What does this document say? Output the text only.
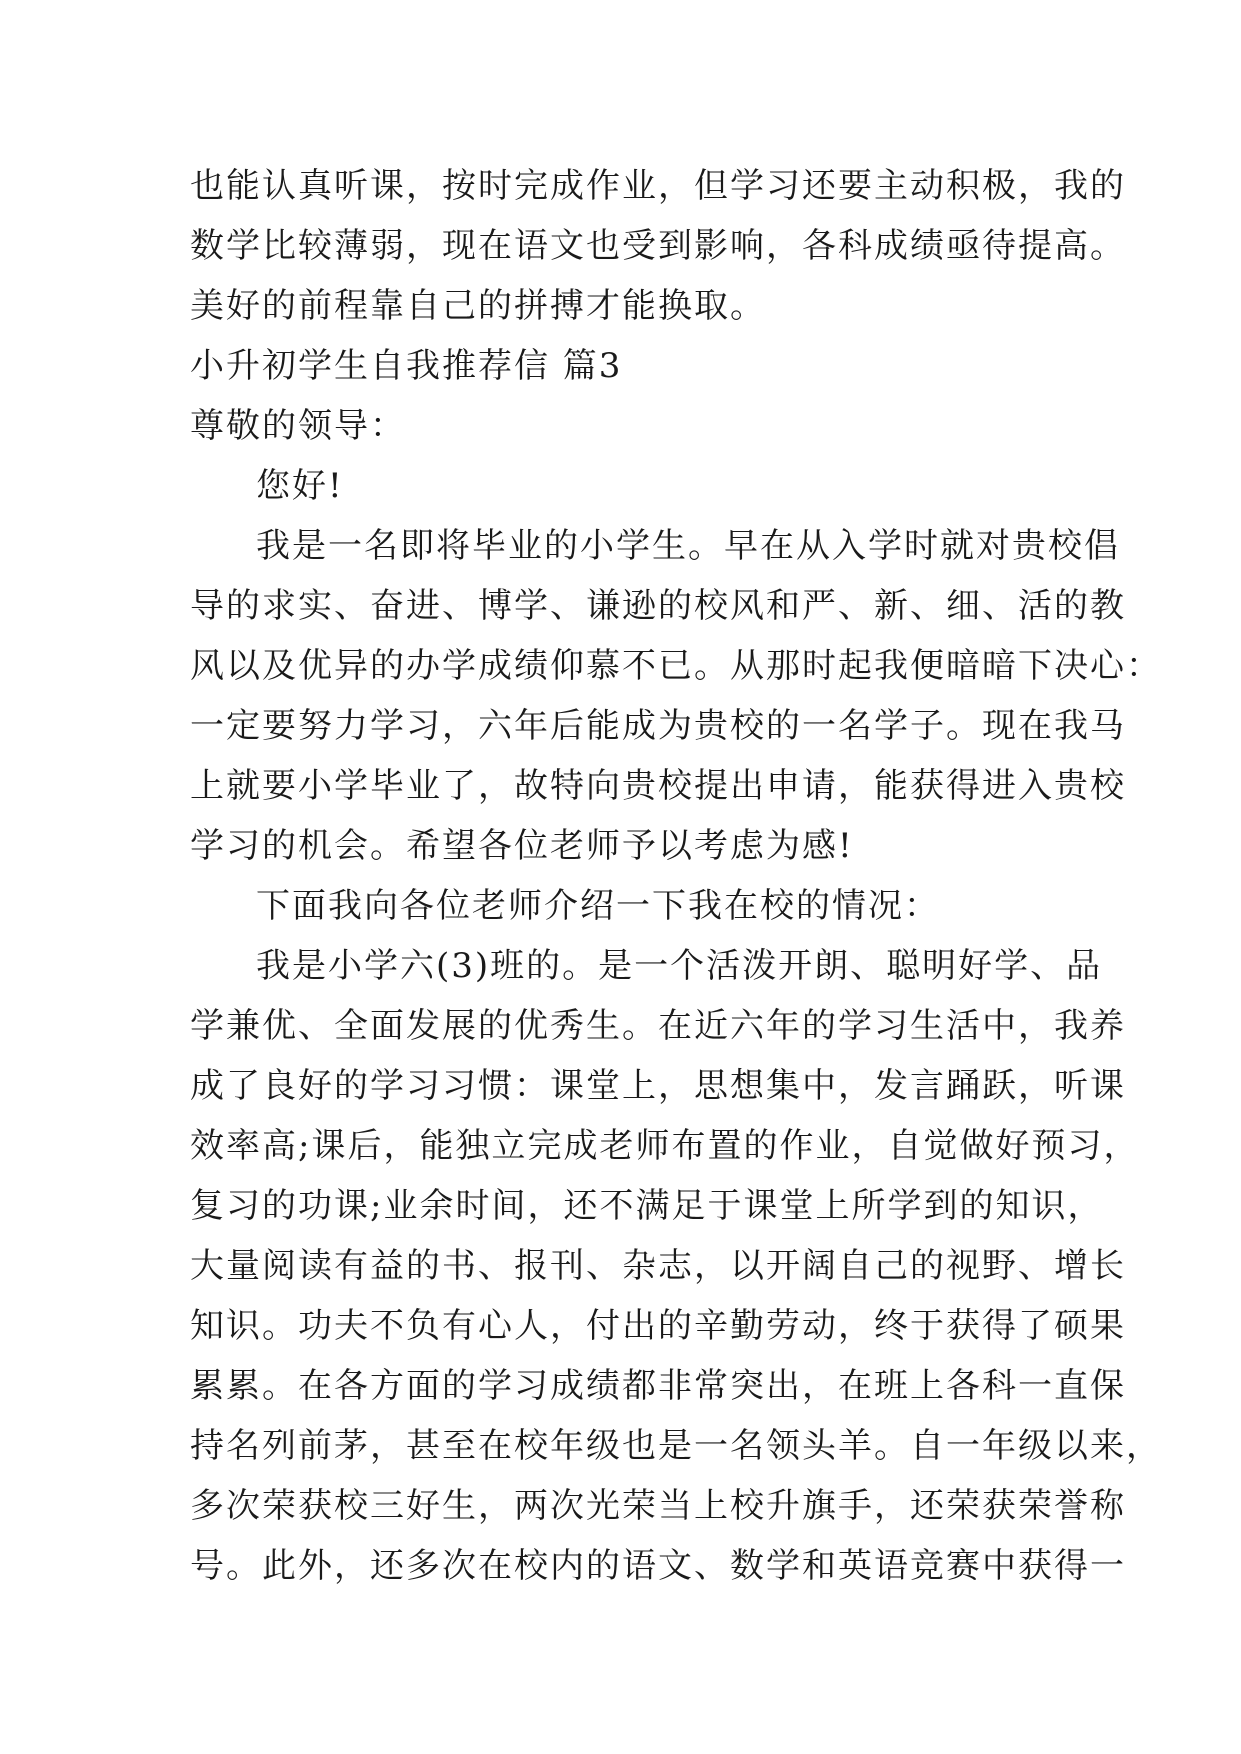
也能认真听课，按时完成作业，但学习还要主动积极，我的
数学比较薄弱，现在语文也受到影响，各科成绩亟待提高。
美好的前程靠自己的拼搏才能换取。
小升初学生自我推荐信 篇3
尊敬的领导：
您好!
我是一名即将毕业的小学生。早在从入学时就对贵校倡
导的求实、奋进、博学、谦逊的校风和严、新、细、活的教
风以及优异的办学成绩仰慕不已。从那时起我便暗暗下决心：
一定要努力学习，六年后能成为贵校的一名学子。现在我马
上就要小学毕业了，故特向贵校提出申请，能获得进入贵校
学习的机会。希望各位老师予以考虑为感!
下面我向各位老师介绍一下我在校的情况：
我是小学六(3)班的。是一个活泼开朗、聪明好学、品
学兼优、全面发展的优秀生。在近六年的学习生活中，我养
成了良好的学习习惯：课堂上，思想集中，发言踊跃，听课
效率高;课后，能独立完成老师布置的作业，自觉做好预习，
复习的功课;业余时间，还不满足于课堂上所学到的知识，
大量阅读有益的书、报刊、杂志，以开阔自己的视野、增长
知识。功夫不负有心人，付出的辛勤劳动，终于获得了硕果
累累。在各方面的学习成绩都非常突出，在班上各科一直保
持名列前茅，甚至在校年级也是一名领头羊。自一年级以来，
多次荣获校三好生，两次光荣当上校升旗手，还荣获荣誉称
号。此外，还多次在校内的语文、数学和英语竞赛中获得一
